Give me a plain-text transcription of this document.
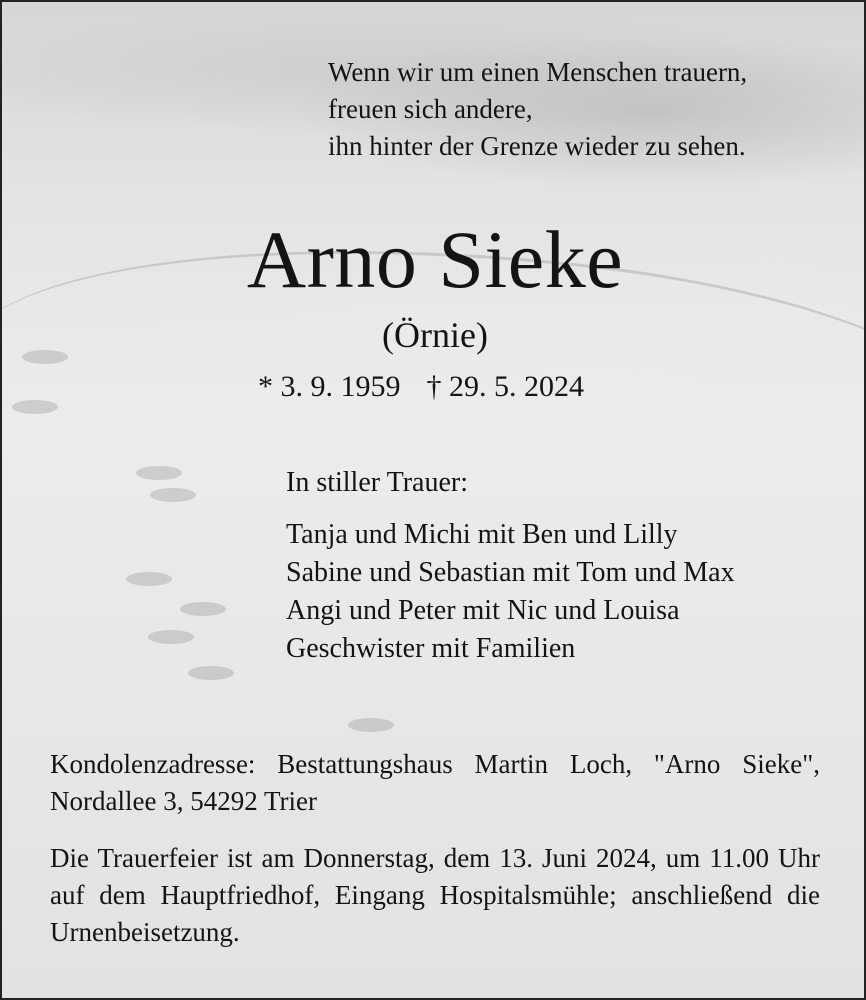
Wenn wir um einen Menschen trauern,
freuen sich andere,
ihn hinter der Grenze wieder zu sehen.
Arno Sieke
(Örnie)
* 3. 9. 1959 † 29. 5. 2024
In stiller Trauer:
Tanja und Michi mit Ben und Lilly
Sabine und Sebastian mit Tom und Max
Angi und Peter mit Nic und Louisa
Geschwister mit Familien
Kondolenzadresse: Bestattungshaus Martin Loch, "Arno Sieke", Nordallee 3, 54292 Trier
Die Trauerfeier ist am Donnerstag, dem 13. Juni 2024, um 11.00 Uhr auf dem Hauptfriedhof, Eingang Hospitalsmühle; anschließend die Urnenbeisetzung.
